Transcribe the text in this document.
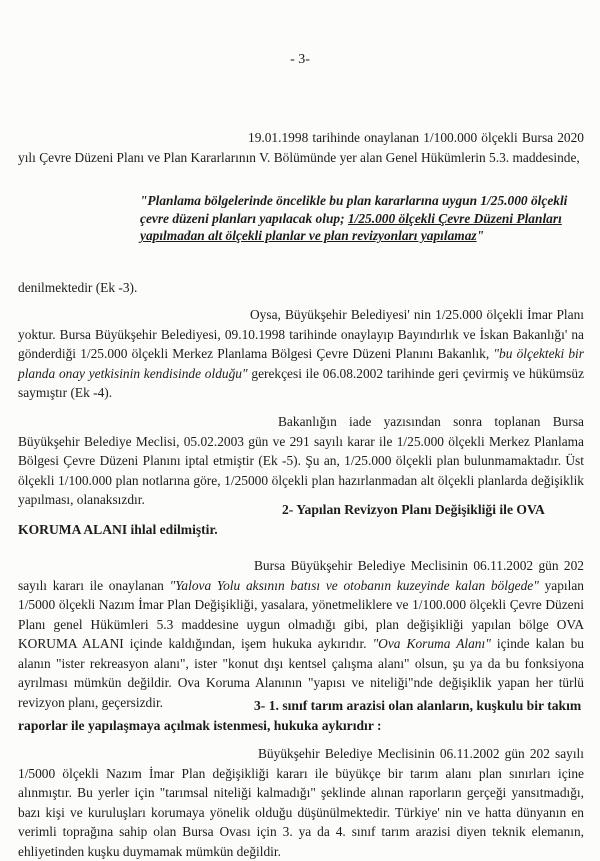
- 3-
19.01.1998 tarihinde onaylanan 1/100.000 ölçekli Bursa 2020 yılı Çevre Düzeni Planı ve Plan Kararlarının V. Bölümünde yer alan Genel Hükümlerin 5.3. maddesinde,
"Planlama bölgelerinde öncelikle bu plan kararlarına uygun 1/25.000 ölçekli çevre düzeni planları yapılacak olup; 1/25.000 ölçekli Çevre Düzeni Planları yapılmadan alt ölçekli planlar ve plan revizyonları yapılamaz"
denilmektedir (Ek -3).
Oysa, Büyükşehir Belediyesi' nin 1/25.000 ölçekli İmar Planı yoktur. Bursa Büyükşehir Belediyesi, 09.10.1998 tarihinde onaylayıp Bayındırlık ve İskan Bakanlığı' na gönderdiği 1/25.000 ölçekli Merkez Planlama Bölgesi Çevre Düzeni Planını Bakanlık, "bu ölçekteki bir planda onay yetkisinin kendisinde olduğu" gerekçesi ile 06.08.2002 tarihinde geri çevirmiş ve hükümsüz saymıştır (Ek -4).
Bakanlığın iade yazısından sonra toplanan Bursa Büyükşehir Belediye Meclisi, 05.02.2003 gün ve 291 sayılı karar ile 1/25.000 ölçekli Merkez Planlama Bölgesi Çevre Düzeni Planını iptal etmiştir (Ek -5). Şu an, 1/25.000 ölçekli plan bulunmamaktadır. Üst ölçekli 1/100.000 plan notlarına göre, 1/25000 ölçekli plan hazırlanmadan alt ölçekli planlarda değişiklik yapılması, olanaksızdır.
2- Yapılan Revizyon Planı Değişikliği ile OVA KORUMA ALANI ihlal edilmiştir.
Bursa Büyükşehir Belediye Meclisinin 06.11.2002 gün 202 sayılı kararı ile onaylanan "Yalova Yolu aksının batısı ve otobanın kuzeyinde kalan bölgede" yapılan 1/5000 ölçekli Nazım İmar Plan Değişikliği, yasalara, yönetmeliklere ve 1/100.000 ölçekli Çevre Düzeni Planı genel Hükümleri 5.3 maddesine uygun olmadığı gibi, plan değişikliği yapılan bölge OVA KORUMA ALANI içinde kaldığından, işem hukuka aykırıdır. "Ova Koruma Alanı" içinde kalan bu alanın "ister rekreasyon alanı", ister "konut dışı kentsel çalışma alanı" olsun, şu ya da bu fonksiyona ayrılması mümkün değildir. Ova Koruma Alanının "yapısı ve niteliği"nde değişiklik yapan her türlü revizyon planı, geçersizdir.	3- 1. sınıf tarım arazisi olan alanların, kuşkulu bir takım raporlar ile yapılaşmaya açılmak istenmesi, hukuka aykırıdır :
Büyükşehir Belediye Meclisinin 06.11.2002 gün 202 sayılı 1/5000 ölçekli Nazım İmar Plan değişikliği kararı ile büyükçe bir tarım alanı plan sınırları içine alınmıştır. Bu yerler için "tarımsal niteliği kalmadığı" şeklinde alınan raporların gerçeği yansıtmadığı, bazı kişi ve kuruluşları korumaya yönelik olduğu düşünülmektedir. Türkiye' nin ve hatta dünyanın en verimli toprağına sahip olan Bursa Ovası için 3. ya da 4. sınıf tarım arazisi diyen teknik elemanın, ehliyetinden kuşku duymamak mümkün değildir.
